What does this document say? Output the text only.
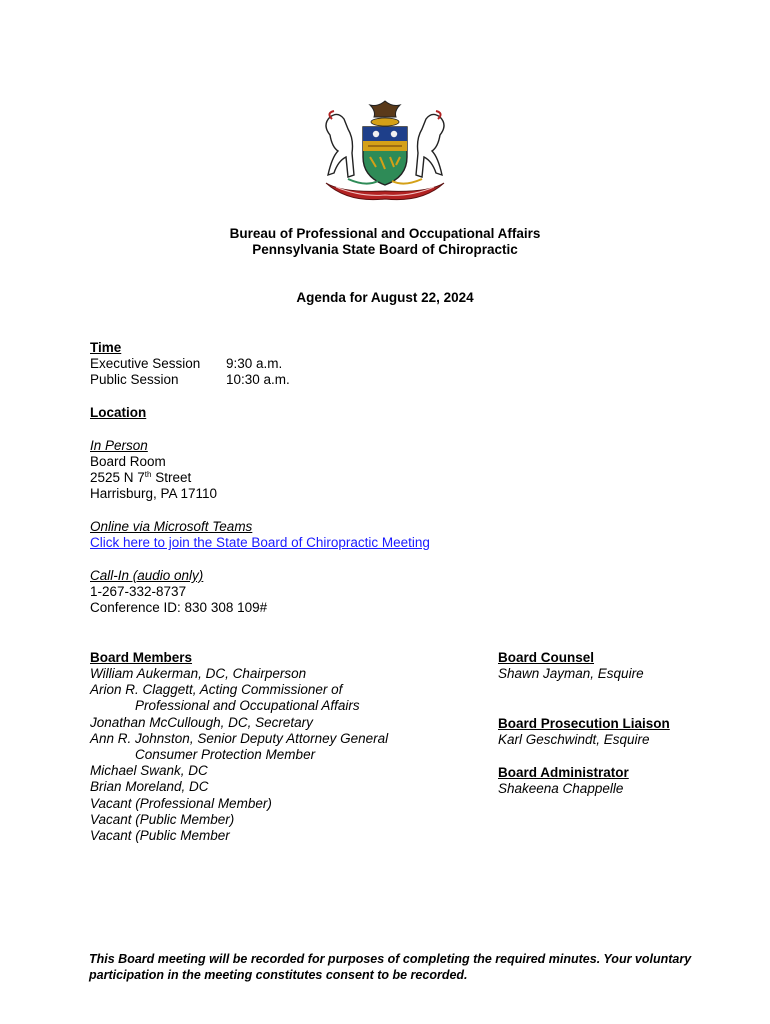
Bureau of Professional and Occupational Affairs
Pennsylvania State Board of Chiropractic
Agenda for August 22, 2024
Time
Executive Session 9:30 a.m.
Public Session	10:30 a.m.
Location
In Person
Board Room
2525 N 7th Street
Harrisburg, PA 17110
Online via Microsoft Teams
Click here to join the State Board of Chiropractic Meeting
Call-In (audio only)
1-267-332-8737
Conference ID: 830 308 109#
Board Members
William Aukerman, DC, Chairperson
Arion R. Claggett, Acting Commissioner of
Professional and Occupational Affairs
Jonathan McCullough, DC, Secretary
Ann R. Johnston, Senior Deputy Attorney General
Consumer Protection Member
Michael Swank, DC
Brian Moreland, DC
Vacant (Professional Member)
Vacant (Public Member)
Vacant (Public Member
Board Counsel
Shawn Jayman, Esquire
Board Prosecution Liaison
Karl Geschwindt, Esquire
Board Administrator
Shakeena Chappelle
This Board meeting will be recorded for purposes of completing the required minutes. Your voluntary participation in the meeting constitutes consent to be recorded.
